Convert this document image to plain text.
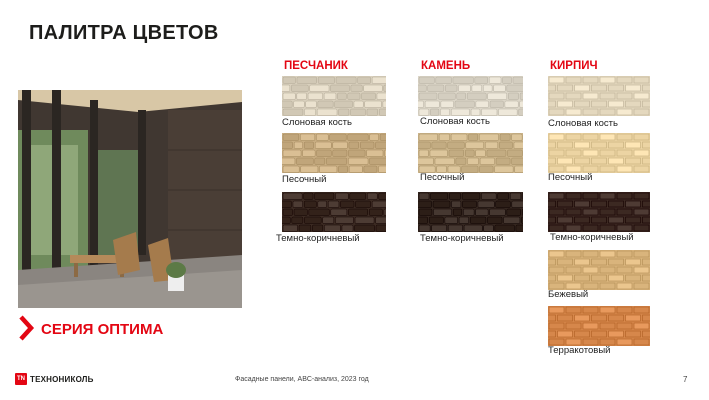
ПАЛИТРА ЦВЕТОВ
СЕРИЯ ОПТИМА
ПЕСЧАНИК	КАМЕНЬ	КИРПИЧ
Слоновая кость
Песочный
Темно-коричневый
Слоновая кость
Песочный
Темно-коричневый
Слоновая кость
Песочный
Темно-коричневый
Бежевый
Терракотовый
TN ТЕХНОНИКОЛЬ	Фасадные панели, ABC-анализ, 2023 год	7
